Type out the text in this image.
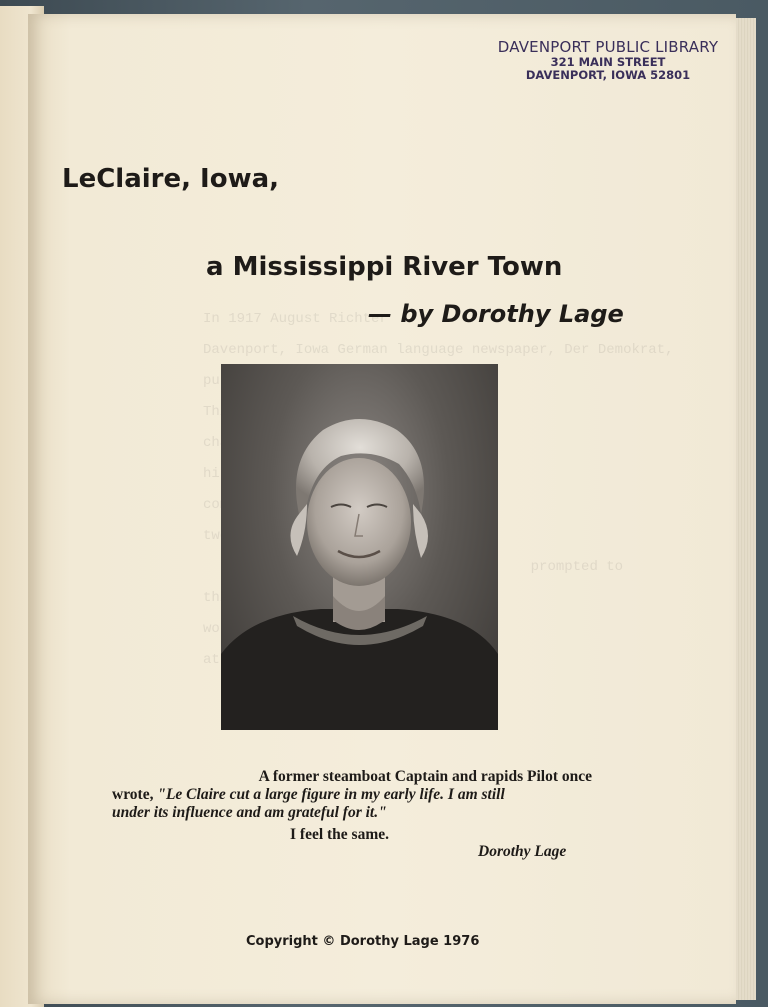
In 1917 August Richter
Davenport, Iowa German language newspaper, Der Demokrat,

This

prompted to
this

DAVENPORT PUBLIC LIBRARY
321 MAIN STREET
DAVENPORT, IOWA 52801
LeClaire, Iowa,
a Mississippi River Town
— by Dorothy Lage
A former steamboat Captain and rapids Pilot once
wrote, "Le Claire cut a large figure in my early life. I am still
under its influence and am grateful for it."
I feel the same.
Dorothy Lage
Copyright © Dorothy Lage 1976
